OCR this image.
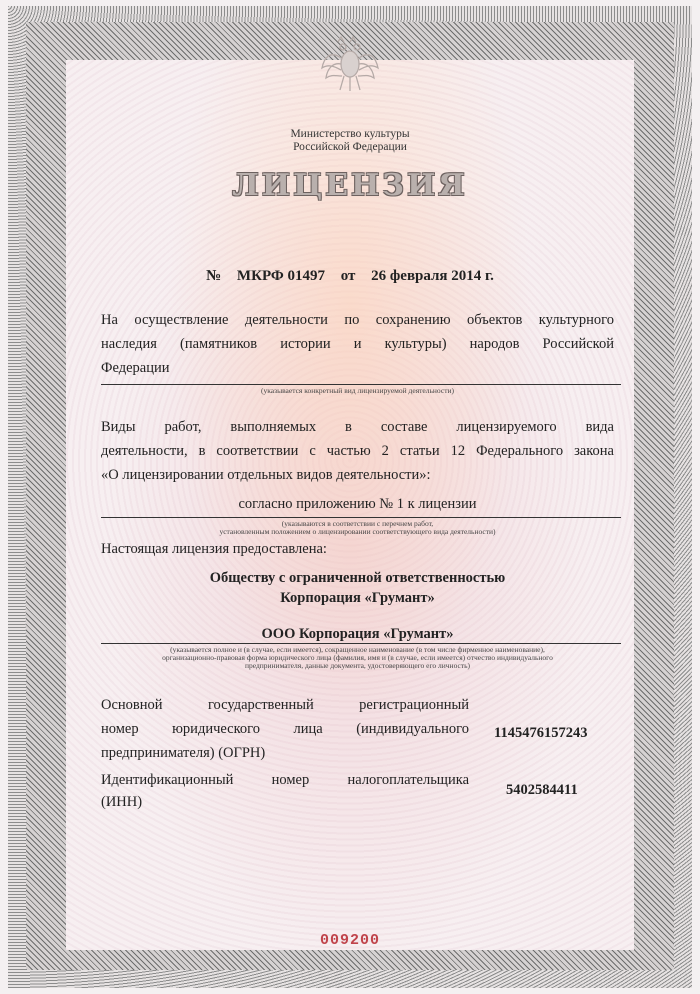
Министерство культуры
Российской Федерации
ЛИЦЕНЗИЯ
№ МКРФ 01497 от 26 февраля 2014 г.
На осуществление деятельности по сохранению объектов культурного
наследия (памятников истории и культуры) народов Российской
Федерации
(указывается конкретный вид лицензируемой деятельности)
Виды работ, выполняемых в составе лицензируемого вида
деятельности, в соответствии с частью 2 статьи 12 Федерального закона
«О лицензировании отдельных видов деятельности»:
согласно приложению № 1 к лицензии
(указываются в соответствии с перечнем работ,
установленным положением о лицензировании соответствующего вида деятельности)
Настоящая лицензия предоставлена:
Обществу с ограниченной ответственностью
Корпорация «Грумант»
ООО Корпорация «Грумант»
(указывается полное и (в случае, если имеется), сокращенное наименование (в том числе фирменное наименование),
организационно-правовая форма юридического лица (фамилия, имя и (в случае, если имеется) отчество индивидуального
предпринимателя, данные документа, удостоверяющего его личность)
Основной государственный регистрационный
номер юридического лица (индивидуального
предпринимателя) (ОГРН)
1145476157243
Идентификационный номер налогоплательщика
(ИНН)
5402584411
009200
